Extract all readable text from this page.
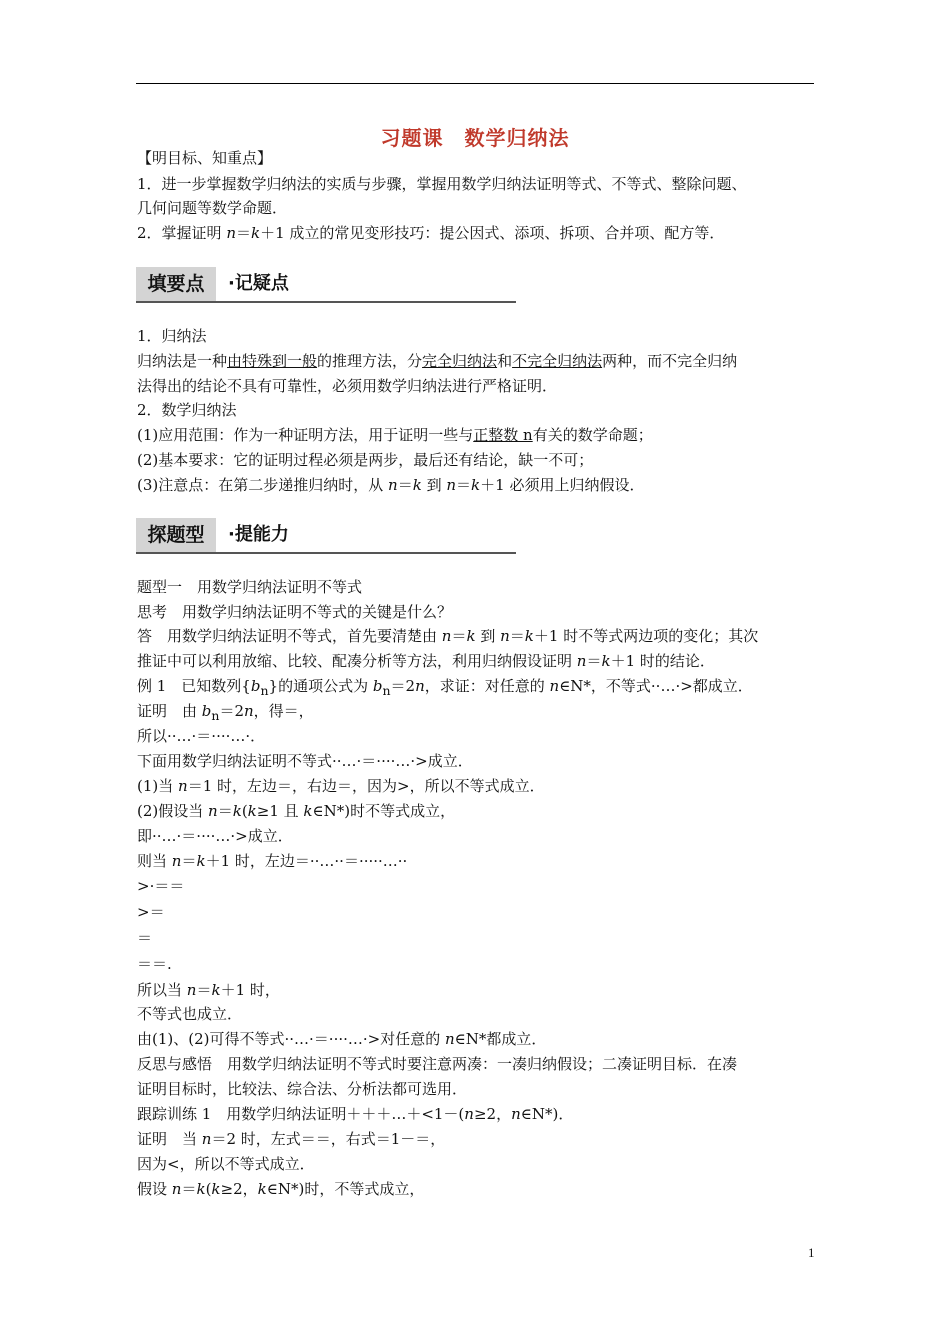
习题课　数学归纳法
【明目标、知重点】
1．进一步掌握数学归纳法的实质与步骤，掌握用数学归纳法证明等式、不等式、整除问题、
几何问题等数学命题．
2．掌握证明 n＝k＋1 成立的常见变形技巧：提公因式、添项、拆项、合并项、配方等．
填要点	·记疑点
1．归纳法
归纳法是一种由特殊到一般的推理方法，分完全归纳法和不完全归纳法两种，而不完全归纳
法得出的结论不具有可靠性，必须用数学归纳法进行严格证明．
2．数学归纳法
(1)应用范围：作为一种证明方法，用于证明一些与正整数 n有关的数学命题；
(2)基本要求：它的证明过程必须是两步，最后还有结论，缺一不可；
(3)注意点：在第二步递推归纳时，从 n＝k 到 n＝k＋1 必须用上归纳假设．
探题型	·提能力
题型一　用数学归纳法证明不等式
思考　用数学归纳法证明不等式的关键是什么？
答　用数学归纳法证明不等式，首先要清楚由 n＝k 到 n＝k＋1 时不等式两边项的变化；其次
推证中可以利用放缩、比较、配凑分析等方法，利用归纳假设证明 n＝k＋1 时的结论．
例 1　已知数列$\{b_n\}$的通项公式为 $b_n=2n$，求证：对任意的 n∈N*，不等式··…·>都成立．
证明　由 $b_n=2n$，得＝，
所以··…·＝····…·．
下面用数学归纳法证明不等式··…·＝····…·>成立．
(1)当 n＝1 时，左边＝，右边＝，因为>，所以不等式成立．
(2)假设当 n＝k(k≥1 且 k∈N*)时不等式成立，
即··…·＝····…·>成立．
则当 n＝k＋1 时，左边＝··…··＝·····…··
>·＝＝
>＝
＝
＝＝.
所以当 n＝k＋1 时，
不等式也成立．
由(1)、(2)可得不等式··…·＝····…·>对任意的 n∈N*都成立．
反思与感悟　用数学归纳法证明不等式时要注意两凑：一凑归纳假设；二凑证明目标．在凑
证明目标时，比较法、综合法、分析法都可选用．
跟踪训练 1　用数学归纳法证明＋＋＋…＋<1－(n≥2，n∈N*)．
证明　当 n＝2 时，左式＝＝，右式＝1－＝，
因为<，所以不等式成立．
假设 n＝k(k≥2，k∈N*)时，不等式成立，
1
